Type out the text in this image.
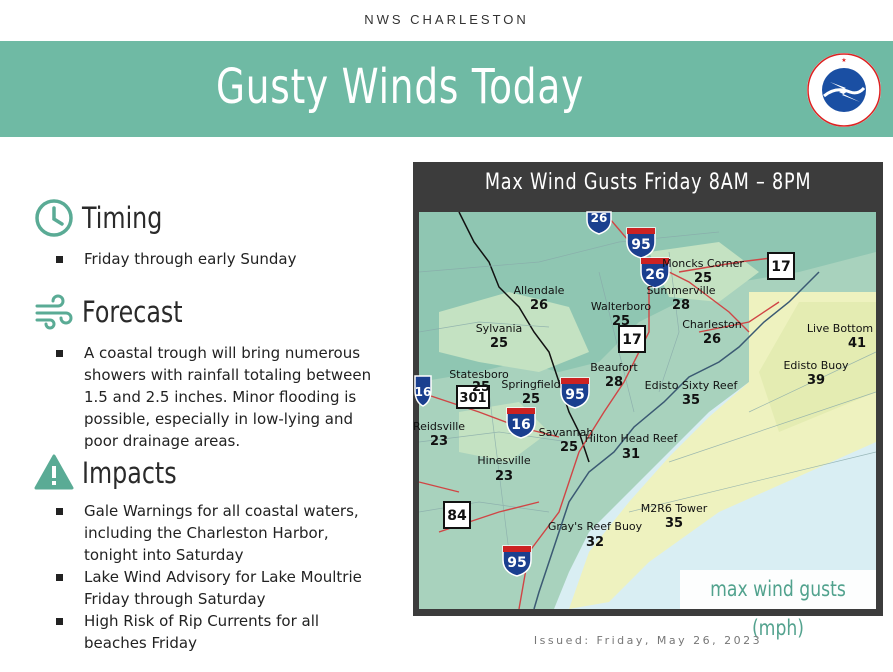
NWS CHARLESTON
Gusty Winds Today	★
Timing
Friday through early Sunday
Forecast
A coastal trough will bring numerous showers with rainfall totaling between 1.5 and 2.5 inches. Minor flooding is possible, especially in low-lying and poor drainage areas.
Impacts
Gale Warnings for all coastal waters, including the Charleston Harbor, tonight into Saturday
Lake Wind Advisory for Lake Moultrie Friday through Saturday
High Risk of Rip Currents for all beaches Friday
Max Wind Gusts Friday 8AM – 8PM
26
95
26	17
17
95
301
16
84
95
16
Allendale
26
Moncks Corner
25
Summerville
28
Walterboro
25	Charleston
26
Sylvania
25
Live Bottom
41
Edisto Buoy
39
Statesboro
25
Beaufort
28
Springfield
25
Edisto Sixty Reef
35
Reidsville
23
Savannah
25
Hilton Head Reef
31
Hinesville
23
M2R6 Tower
35
Gray's Reef Buoy
32
max wind gusts (mph)
Issued: Friday, May 26, 2023
